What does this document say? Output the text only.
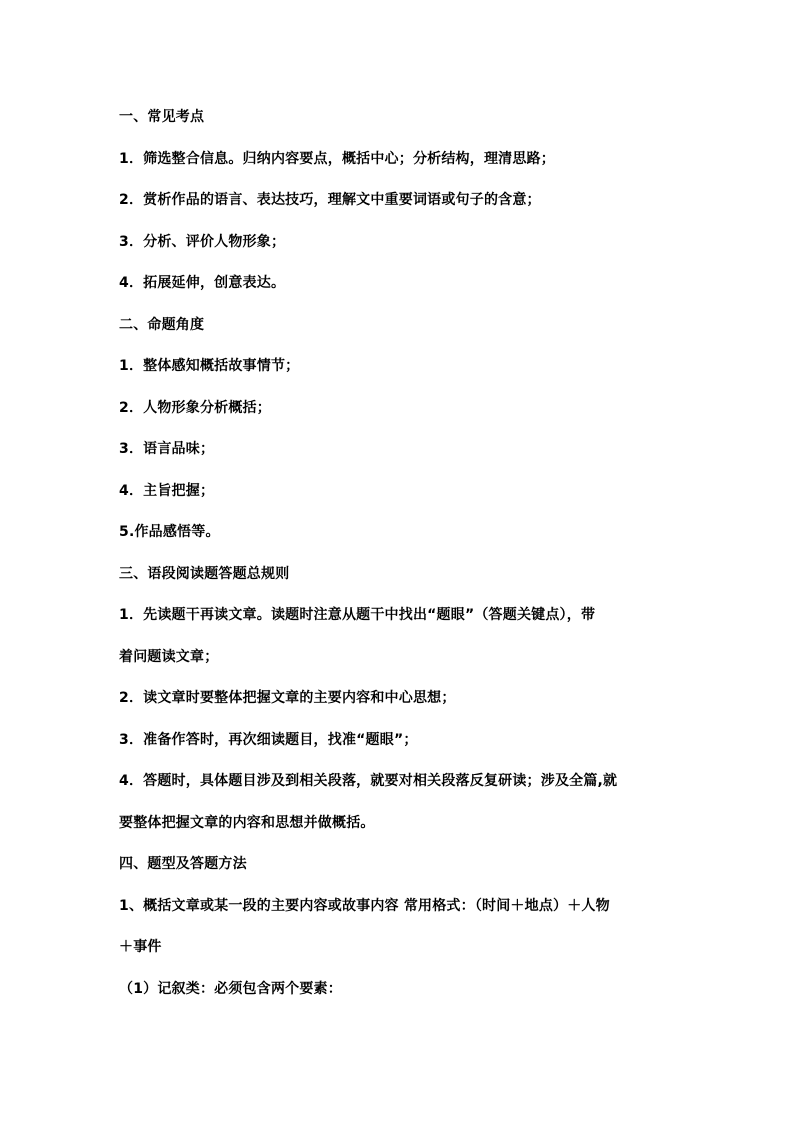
一、常见考点
1．筛选整合信息。归纳内容要点，概括中心；分析结构，理清思路；
2．赏析作品的语言、表达技巧，理解文中重要词语或句子的含意；
3．分析、评价人物形象；
4．拓展延伸，创意表达。
二、命题角度
1．整体感知概括故事情节；
2．人物形象分析概括；
3．语言品味；
4．主旨把握；
5.作品感悟等。
三、语段阅读题答题总规则
1．先读题干再读文章。读题时注意从题干中找出“题眼”（答题关键点），带
着问题读文章；
2．读文章时要整体把握文章的主要内容和中心思想；
3．准备作答时，再次细读题目，找准“题眼”；
4．答题时，具体题目涉及到相关段落，就要对相关段落反复研读；涉及全篇,就
要整体把握文章的内容和思想并做概括。
四、题型及答题方法
1、概括文章或某一段的主要内容或故事内容 常用格式：（时间＋地点）＋人物
＋事件
（1）记叙类：必须包含两个要素：
